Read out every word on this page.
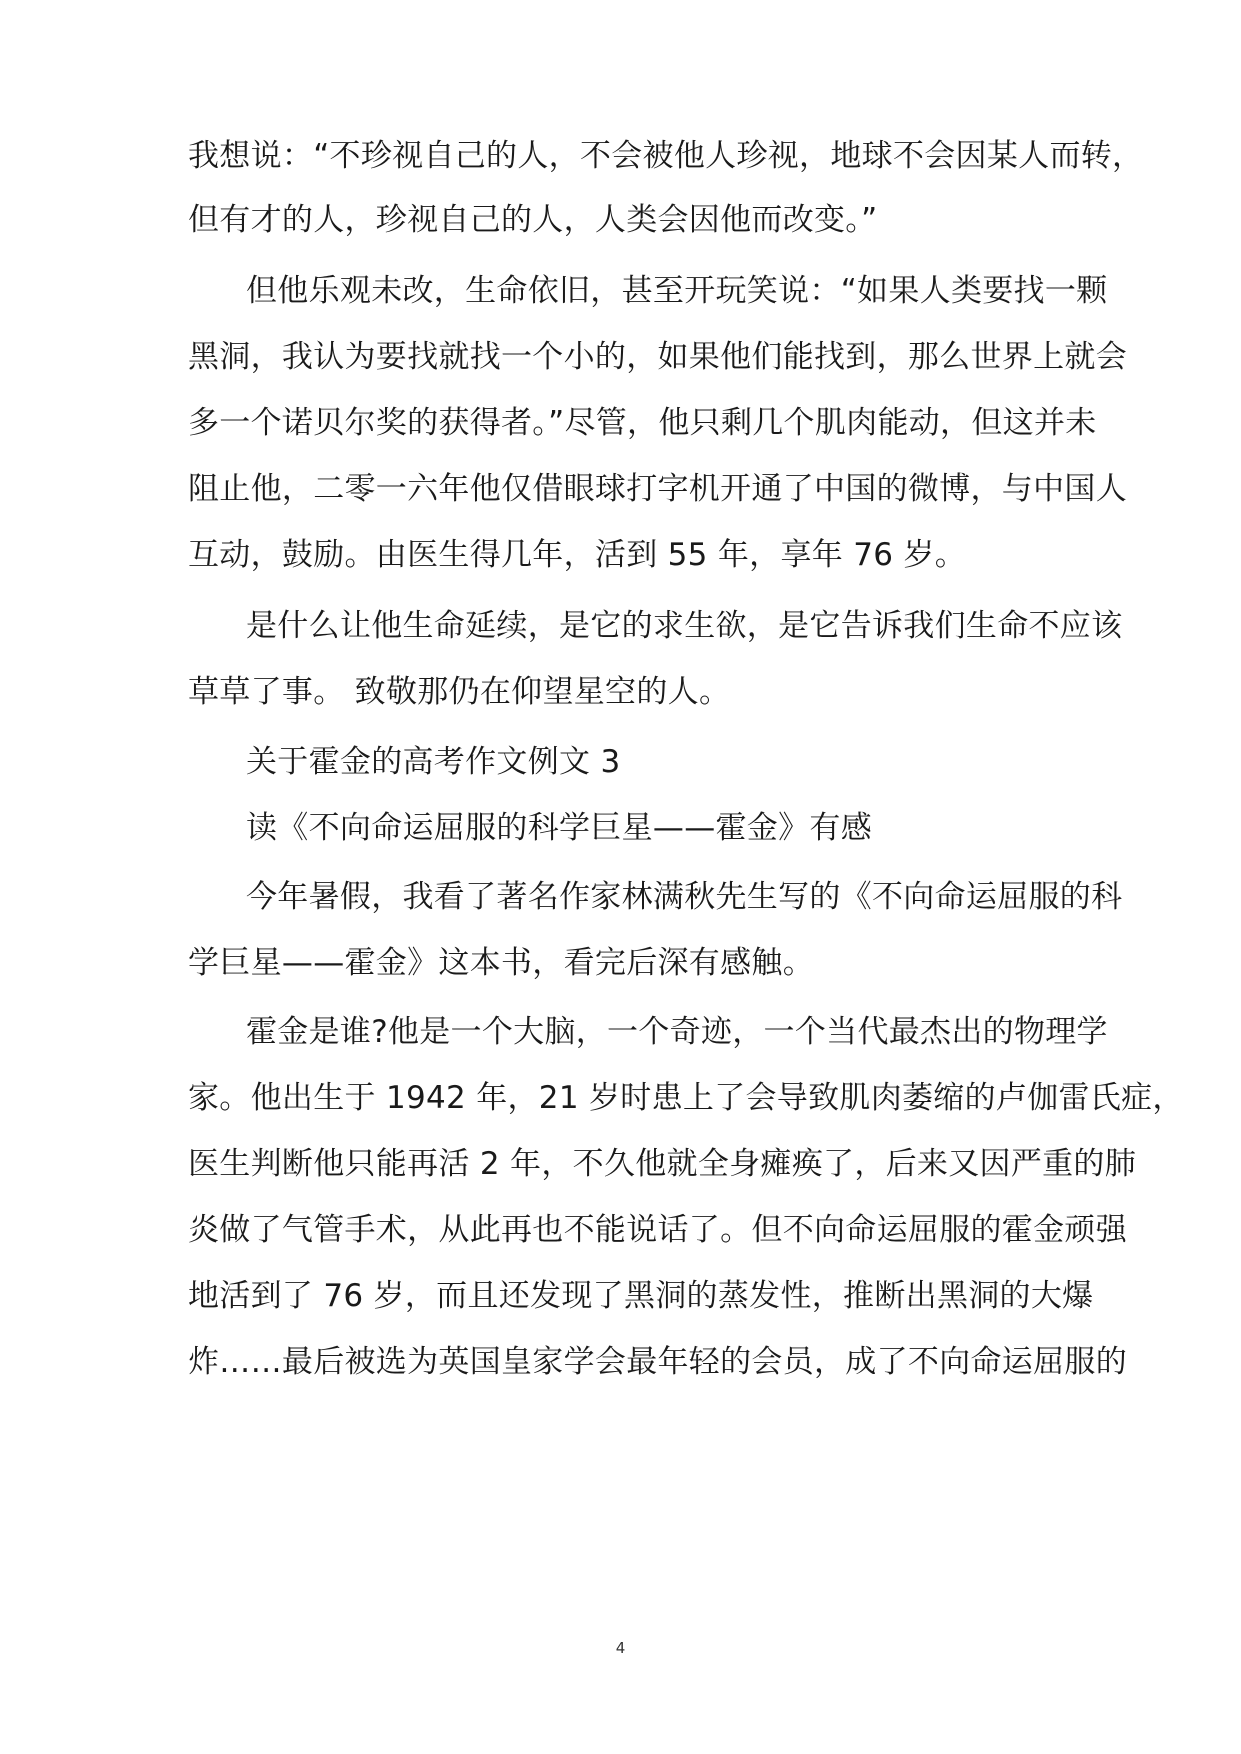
我想说：“不珍视自己的人，不会被他人珍视，地球不会因某人而转，
但有才的人，珍视自己的人，人类会因他而改变。”
但他乐观未改，生命依旧，甚至开玩笑说：“如果人类要找一颗
黑洞，我认为要找就找一个小的，如果他们能找到，那么世界上就会
多一个诺贝尔奖的获得者。”尽管，他只剩几个肌肉能动，但这并未
阻止他，二零一六年他仅借眼球打字机开通了中国的微博，与中国人
互动，鼓励。由医生得几年，活到 55 年，享年 76 岁。
是什么让他生命延续，是它的求生欲，是它告诉我们生命不应该
草草了事。 致敬那仍在仰望星空的人。
关于霍金的高考作文例文 3
读《不向命运屈服的科学巨星——霍金》有感
今年暑假，我看了著名作家林满秋先生写的《不向命运屈服的科
学巨星——霍金》这本书，看完后深有感触。
霍金是谁?他是一个大脑，一个奇迹，一个当代最杰出的物理学
家。他出生于 1942 年，21 岁时患上了会导致肌肉萎缩的卢伽雷氏症，
医生判断他只能再活 2 年，不久他就全身瘫痪了，后来又因严重的肺
炎做了气管手术，从此再也不能说话了。但不向命运屈服的霍金顽强
地活到了 76 岁，而且还发现了黑洞的蒸发性，推断出黑洞的大爆
炸……最后被选为英国皇家学会最年轻的会员，成了不向命运屈服的
4
